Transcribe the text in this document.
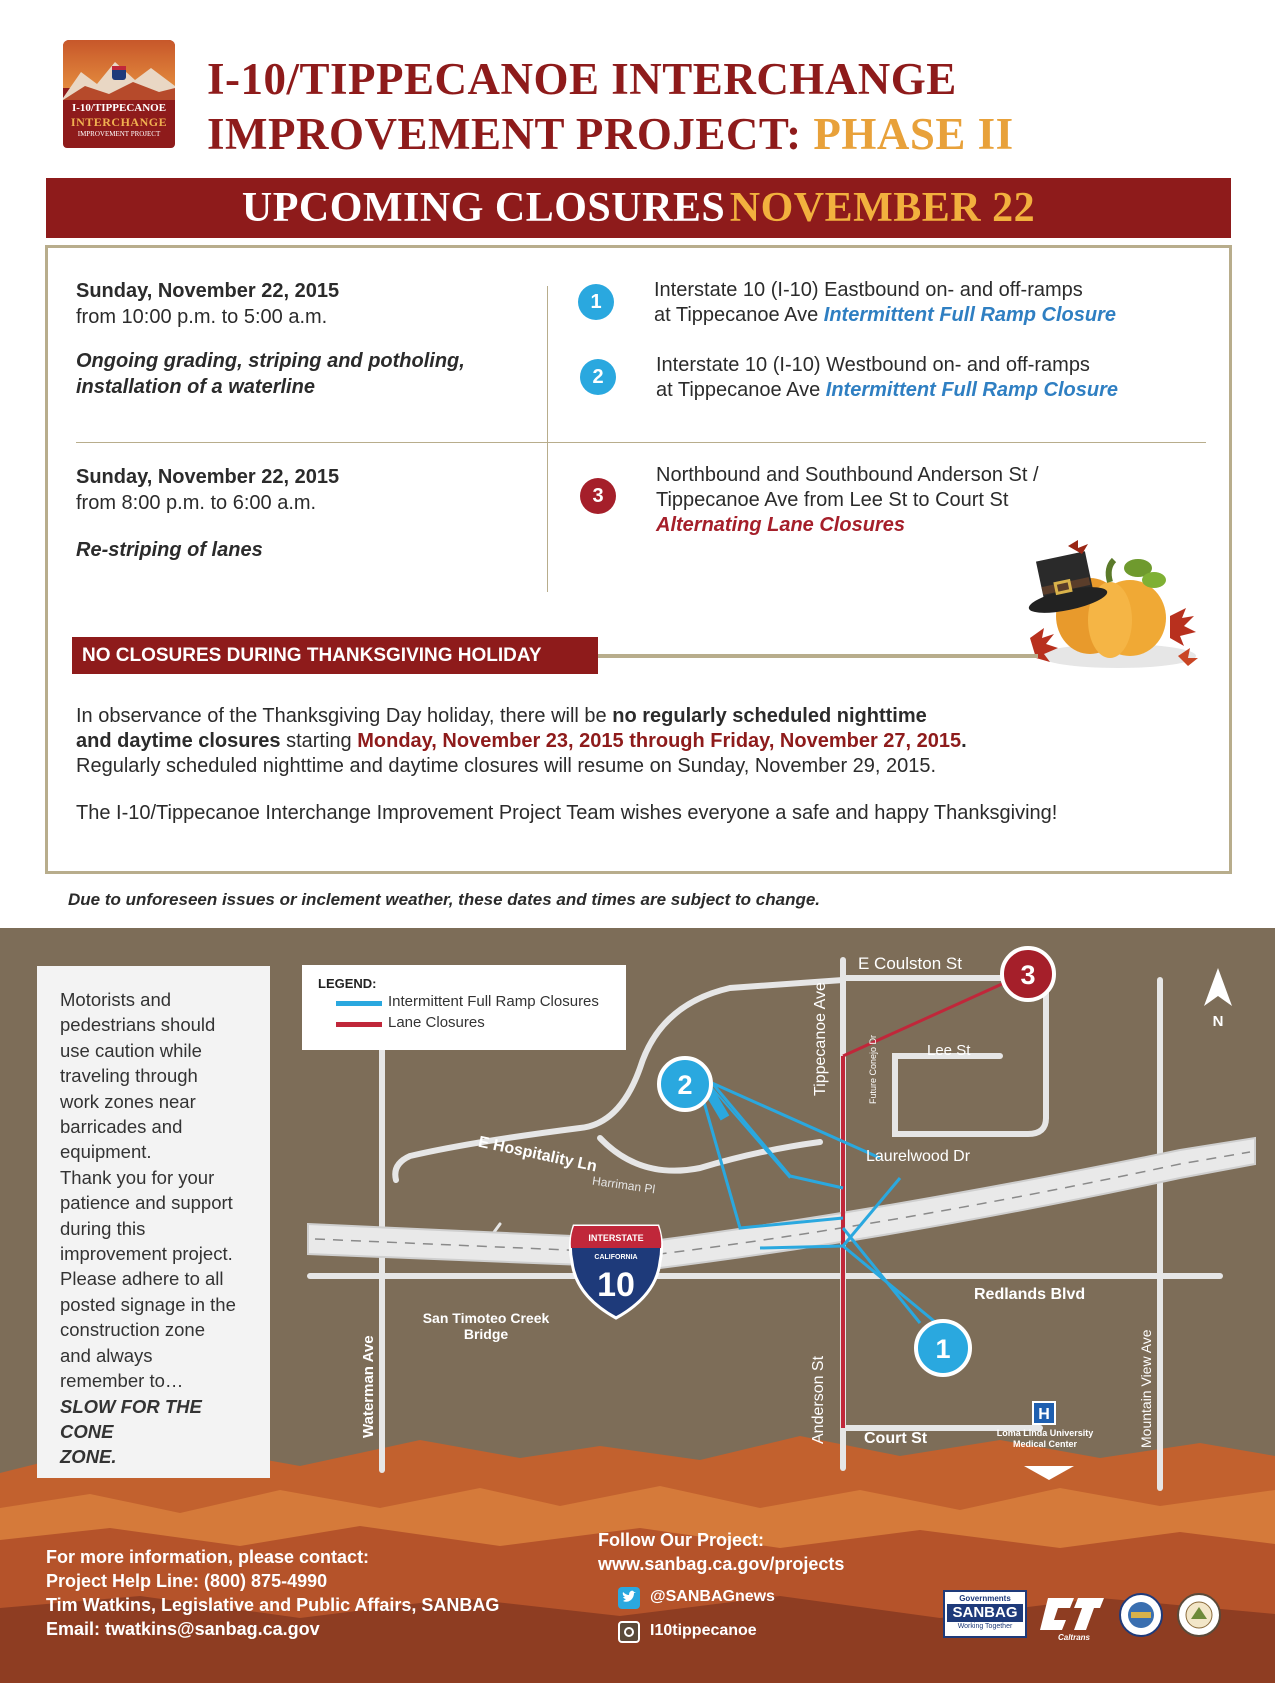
I-10/TIPPECANOE
INTERCHANGE
IMPROVEMENT PROJECT
I-10/TIPPECANOE INTERCHANGE
IMPROVEMENT PROJECT: PHASE II
UPCOMING CLOSURES NOVEMBER 22
Sunday, November 22, 2015
from 10:00 p.m. to 5:00 a.m.
Ongoing grading, striping and potholing,
installation of a waterline
Sunday, November 22, 2015
from 8:00 p.m. to 6:00 a.m.
Re-striping of lanes
1
Interstate 10 (I-10) Eastbound on- and off-ramps
at Tippecanoe Ave Intermittent Full Ramp Closure
2
Interstate 10 (I-10) Westbound on- and off-ramps
at Tippecanoe Ave Intermittent Full Ramp Closure
3
Northbound and Southbound Anderson St /
Tippecanoe Ave from Lee St to Court St
Alternating Lane Closures
NO CLOSURES DURING THANKSGIVING HOLIDAY
In observance of the Thanksgiving Day holiday, there will be no regularly scheduled nighttime
and daytime closures starting Monday, November 23, 2015 through Friday, November 27, 2015.
Regularly scheduled nighttime and daytime closures will resume on Sunday, November 29, 2015.
The I-10/Tippecanoe Interchange Improvement Project Team wishes everyone a safe and happy Thanksgiving!
Due to unforeseen issues or inclement weather, these dates and times are subject to change.
INTERSTATE
CALIFORNIA
10
N
H
1
2
3
Motorists and
pedestrians should
use caution while
traveling through
work zones near
barricades and
equipment.
Thank you for your
patience and support
during this
improvement project.
Please adhere to all
posted signage in the
construction zone
and always
remember to…
SLOW FOR THE CONE
ZONE.
LEGEND:
Intermittent Full Ramp Closures
Lane Closures
E Coulston St
Lee St
Tippecanoe Ave	Future Conejo Dr
Laurelwood Dr
E Hospitality Ln
Harriman Pl
Redlands Blvd
Anderson St Court St
Waterman Ave	Mountain View Ave
San Timoteo Creek
Bridge
Loma Linda University
Medical Center
For more information, please contact:
Project Help Line: (800) 875-4990
Tim Watkins, Legislative and Public Affairs, SANBAG
Email: twatkins@sanbag.ca.gov
Follow Our Project:
www.sanbag.ca.gov/projects
@SANBAGnews
I10tippecanoe
Governments
SANBAG
Working Together
Caltrans
